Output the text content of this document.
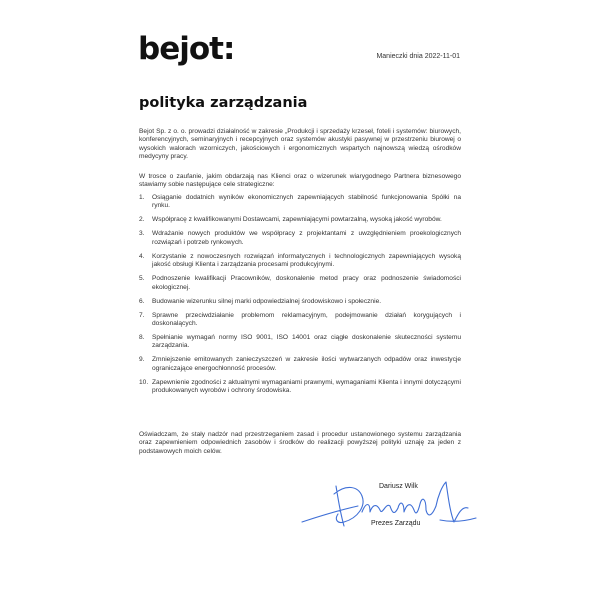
bejot:	Manieczki dnia 2022-11-01
polityka zarządzania

Bejot Sp. z o. o. prowadzi działalność w zakresie „Produkcji i sprzedaży krzeseł, foteli i systemów: biurowych, konferencyjnych, seminaryjnych i recepcyjnych oraz systemów akustyki pasywnej w przestrzeniu biurowej o wysokich walorach wzorniczych, jakościowych i ergonomicznych wspartych najnowszą wiedzą ośrodków medycyny pracy.

W trosce o zaufanie, jakim obdarzają nas Klienci oraz o wizerunek wiarygodnego Partnera biznesowego stawiamy sobie następujące cele strategiczne:

1. Osiąganie dodatnich wyników ekonomicznych zapewniających stabilność funkcjonowania Spółki na rynku.
2. Współpracę z kwalifikowanymi Dostawcami, zapewniającymi powtarzalną, wysoką jakość wyrobów.
3. Wdrażanie nowych produktów we współpracy z projektantami z uwzględnieniem proekologicznych rozwiązań i potrzeb rynkowych.
4. Korzystanie z nowoczesnych rozwiązań informatycznych i technologicznych zapewniających wysoką jakość obsługi Klienta i zarządzania procesami produkcyjnymi.
5. Podnoszenie kwalifikacji Pracowników, doskonalenie metod pracy oraz podnoszenie świadomości ekologicznej.
6. Budowanie wizerunku silnej marki odpowiedzialnej środowiskowo i społecznie.
7. Sprawne przeciwdziałanie problemom reklamacyjnym, podejmowanie działań korygujących i doskonalących.
8. Spełnianie wymagań normy ISO 9001, ISO 14001 oraz ciągłe doskonalenie skuteczności systemu zarządzania.
9. Zmniejszenie emitowanych zanieczyszczeń w zakresie ilości wytwarzanych odpadów oraz inwestycje ograniczające energochłonność procesów.
10. Zapewnienie zgodności z aktualnymi wymaganiami prawnymi, wymaganiami Klienta i innymi dotyczącymi produkowanych wyrobów i ochrony środowiska.

Oświadczam, że stały nadzór nad przestrzeganiem zasad i procedur ustanowionego systemu zarządzania oraz zapewnieniem odpowiednich zasobów i środków do realizacji powyższej polityki uznaję za jeden z podstawowych moich celów.

Dariusz Wilk
Prezes Zarządu
